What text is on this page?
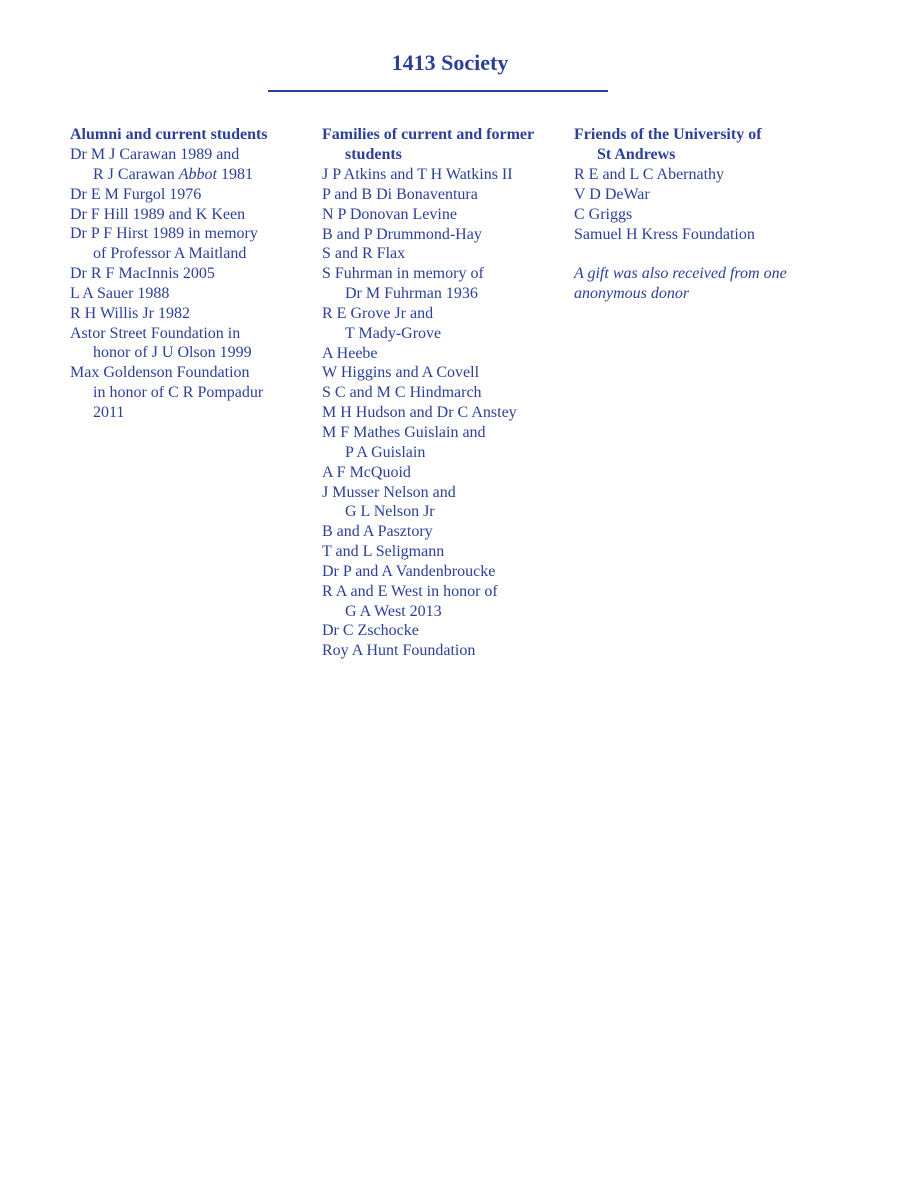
1413 Society

Alumni and current students

Dr M J Carawan 1989 and
R J Carawan Abbot 1981

Dr E M Furgol 1976

Dr F Hill 1989 and K Keen

Dr P F Hirst 1989 in memory
of Professor A Maitland

Dr R F MacInnis 2005

L A Sauer 1988

R H Willis Jr 1982

Astor Street Foundation in
honor of J U Olson 1999

Max Goldenson Foundation
in honor of C R Pompadur
2011

Families of current and former
students

J P Atkins and T H Watkins II

P and B Di Bonaventura

N P Donovan Levine

B and P Drummond-Hay

S and R Flax

S Fuhrman in memory of
Dr M Fuhrman 1936

R E Grove Jr and
T Mady-Grove

A Heebe

W Higgins and A Covell

S C and M C Hindmarch

M H Hudson and Dr C Anstey

M F Mathes Guislain and
P A Guislain

A F McQuoid

J Musser Nelson and
G L Nelson Jr

B and A Pasztory

T and L Seligmann

Dr P and A Vandenbroucke

R A and E West in honor of
G A West 2013

Dr C Zschocke

Roy A Hunt Foundation

Friends of the University of
St Andrews

R E and L C Abernathy

V D DeWar

C Griggs

Samuel H Kress Foundation

A gift was also received from one
anonymous donor
